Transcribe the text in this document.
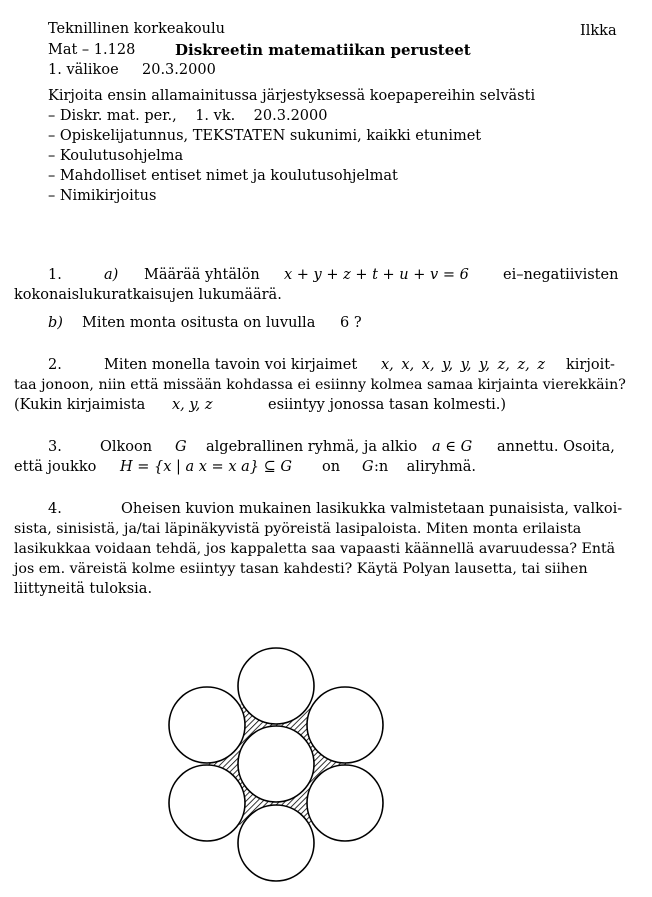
Teknillinen korkeakoulu	Ilkka
Mat – 1.128	Diskreetin matematiikan perusteet
1. välikoe 20.3.2000
Kirjoita ensin allamainitussa järjestyksessä koepapereihin selvästi
– Diskr. mat. per.,    1. vk.    20.3.2000
– Opiskelijatunnus, TEKSTATEN sukunimi, kaikki etunimet
– Koulutusohjelma
– Mahdolliset entiset nimet ja koulutusohjelmat
– Nimikirjoitus
1.	a) Määrää yhtälön x + y + z + t + u + v = 6 ei–negatiivisten
kokonaislukuratkaisujen lukumäärä.
b) Miten monta ositusta on luvulla 6 ?
2.	Miten monella tavoin voi kirjaimet x, x, x, y, y, y, z, z, z kirjoit-
taa jonoon, niin että missään kohdassa ei esiinny kolmea samaa kirjainta vierekkäin?
(Kukin kirjaimista x, y, z	esiintyy jonossa tasan kolmesti.)
3.	Olkoon G algebrallinen ryhmä, ja alkio a ∈ G annettu. Osoita,
että joukko H = {x | a x = x a} ⊆ G on G :n    aliryhmä.
4.	Oheisen kuvion mukainen lasikukka valmistetaan punaisista, valkoi-
sista, sinisistä, ja/tai läpinäkyvistä pyöreistä lasipaloista. Miten monta erilaista
lasikukkaa voidaan tehdä, jos kappaletta saa vapaasti käännellä avaruudessa? Entä
jos em. väreistä kolme esiintyy tasan kahdesti? Käytä Polyan lausetta, tai siihen
liittyneitä tuloksia.
